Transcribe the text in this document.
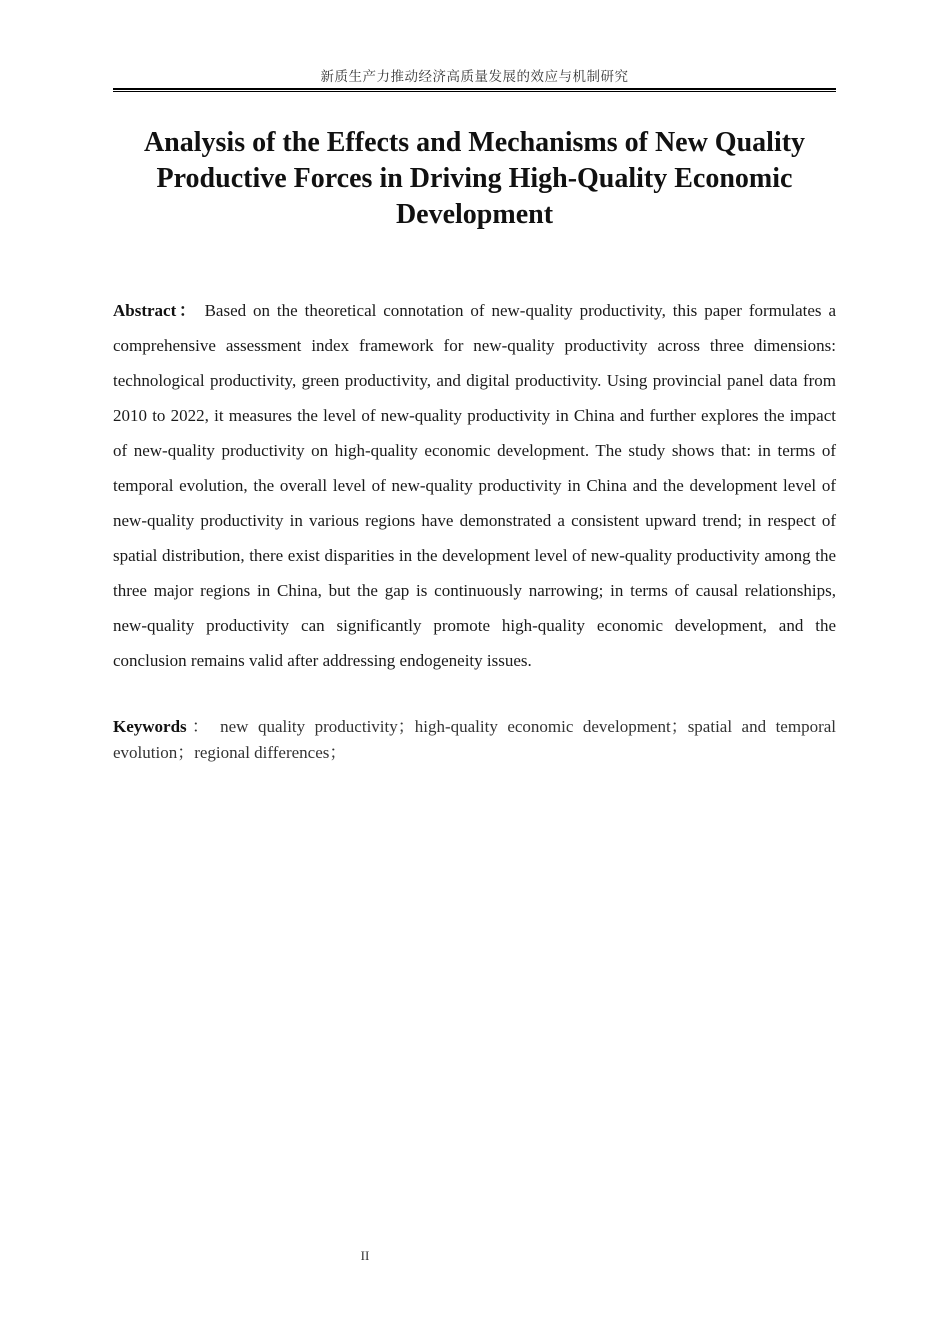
新质生产力推动经济高质量发展的效应与机制研究
Analysis of the Effects and Mechanisms of New Quality Productive Forces in Driving High-Quality Economic Development

Abstract： Based on the theoretical connotation of new-quality productivity, this paper formulates a comprehensive assessment index framework for new-quality productivity across three dimensions: technological productivity, green productivity, and digital productivity. Using provincial panel data from 2010 to 2022, it measures the level of new-quality productivity in China and further explores the impact of new-quality productivity on high-quality economic development. The study shows that: in terms of temporal evolution, the overall level of new-quality productivity in China and the development level of new-quality productivity in various regions have demonstrated a consistent upward trend; in respect of spatial distribution, there exist disparities in the development level of new-quality productivity among the three major regions in China, but the gap is continuously narrowing; in terms of causal relationships, new-quality productivity can significantly promote high-quality economic development, and the conclusion remains valid after addressing endogeneity issues.

Keywords： new quality productivity；high-quality economic development；spatial and temporal evolution；regional differences；

II
